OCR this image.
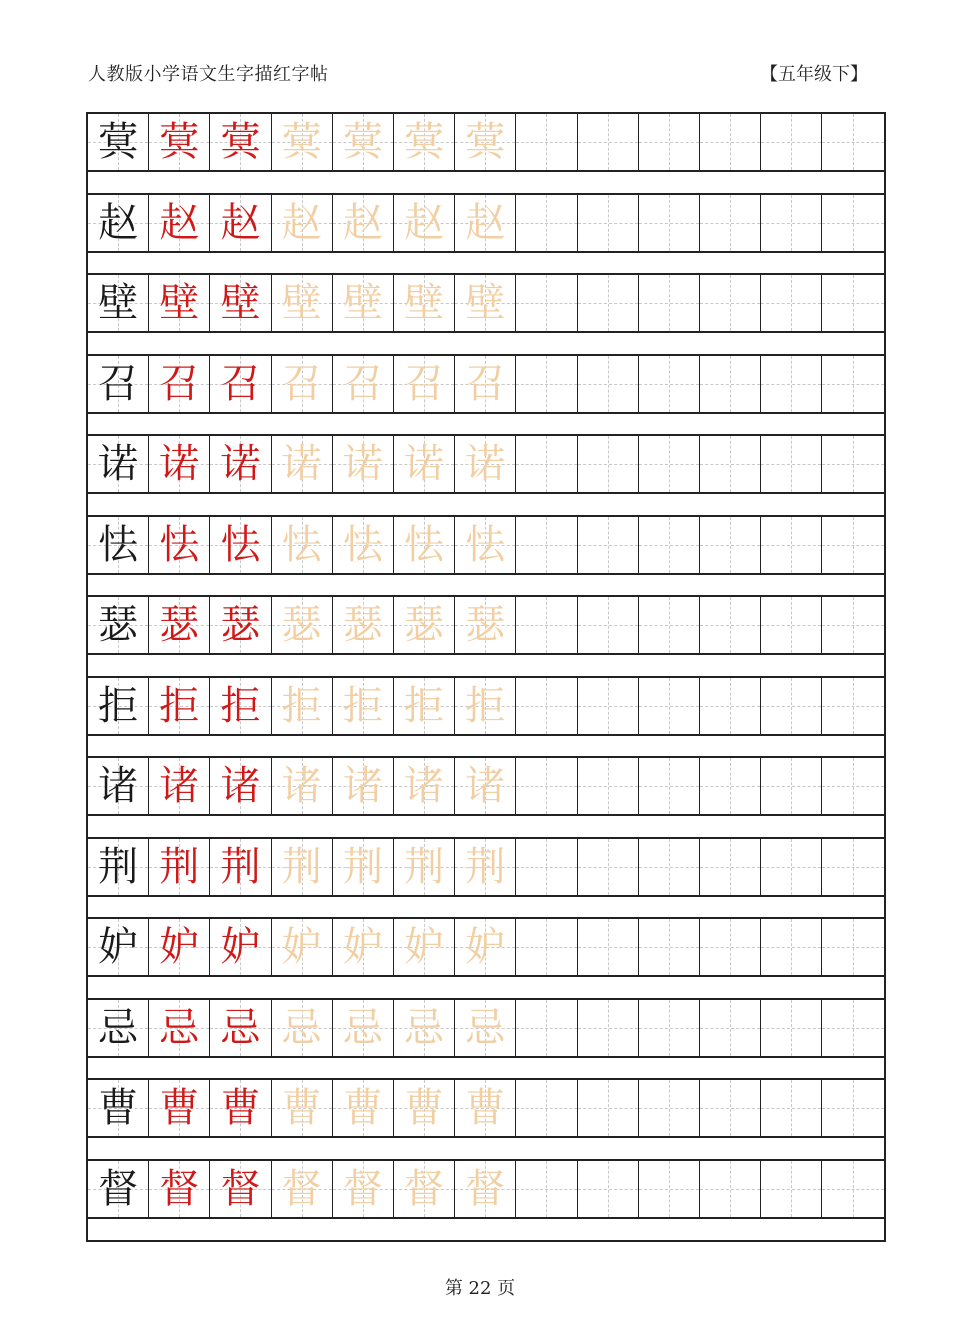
人教版小学语文生字描红字帖	【五年级下】
蓂 蓂 蓂 蓂 蓂 蓂 蓂
赵 赵 赵 赵 赵 赵 赵
壁 壁 壁 壁 壁 壁 壁
召 召 召 召 召 召 召
诺 诺 诺 诺 诺 诺 诺
怯 怯 怯 怯 怯 怯 怯
瑟 瑟 瑟 瑟 瑟 瑟 瑟
拒 拒 拒 拒 拒 拒 拒
诸 诸 诸 诸 诸 诸 诸
荆 荆 荆 荆 荆 荆 荆
妒 妒 妒 妒 妒 妒 妒
忌 忌 忌 忌 忌 忌 忌
曹 曹 曹 曹 曹 曹 曹
督 督 督 督 督 督 督
第 22 页
